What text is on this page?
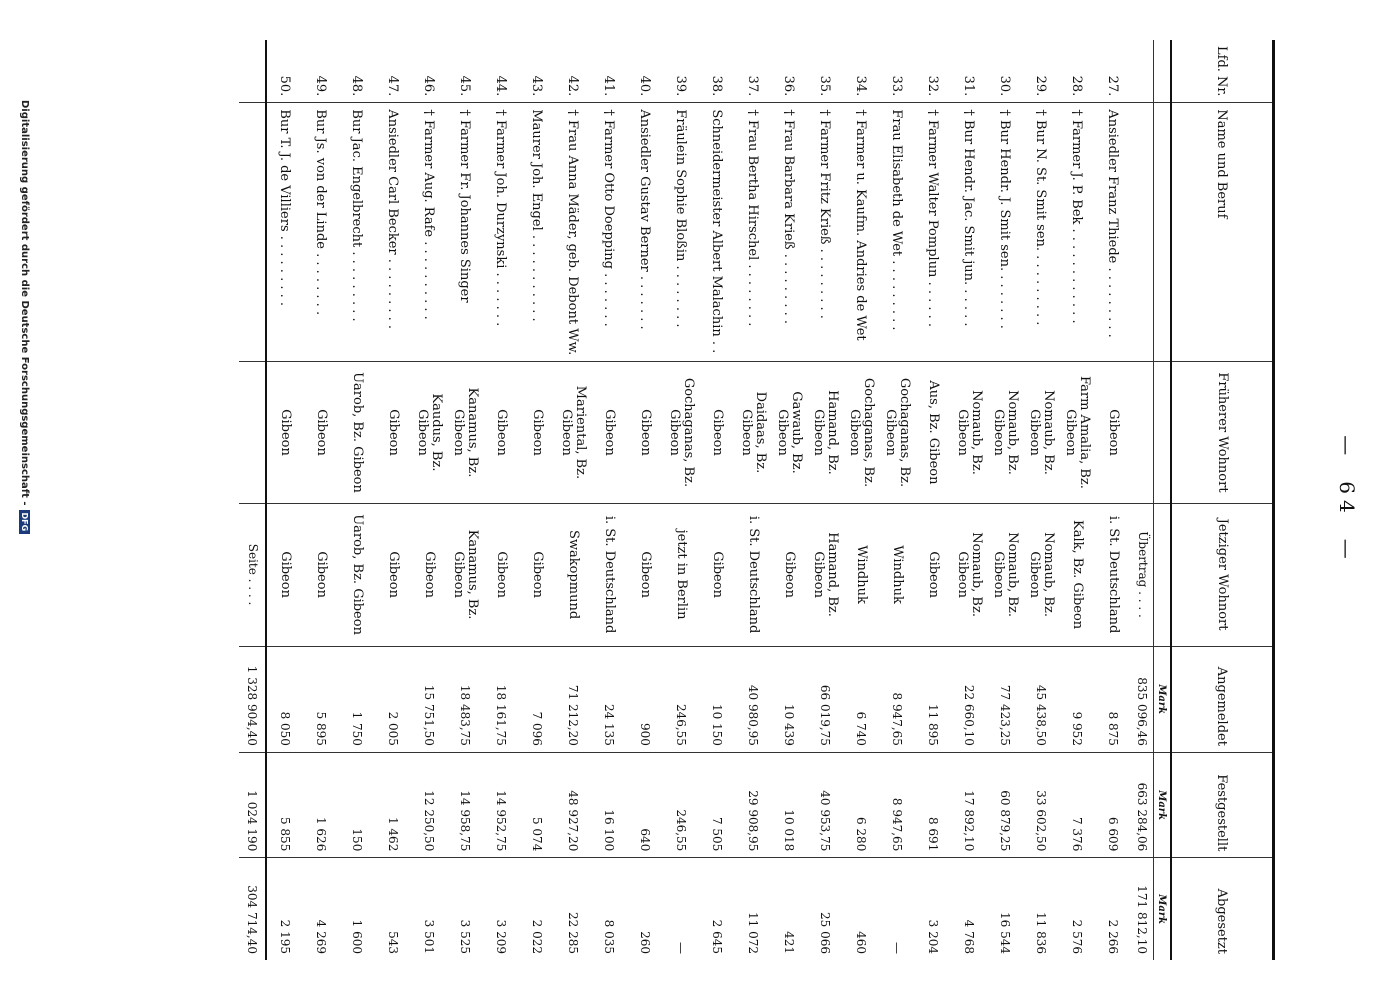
—64—
Lfd. Nr.	Name und Beruf	Früherer Wohnort	Jetziger Wohnort	Angemeldet	Festgestellt	Abgesetzt
				Mark	Mark	Mark
			Übertrag . . . .	835 096,46	663 284,06	171 812,10
27.	Ansiedler Franz Thiede . . . . . . . . .	Gibeon	i. St. Deutschland	8 875	6 609	2 266
28.	† Farmer J. P. Bek . . . . . . . . . . . .	Farm Amalia, Bz. Gibeon	Kalk, Bz. Gibeon	9 952	7 376	2 576
29.	† Bur N. St. Smit sen. . . . . . . . . .	Nomaub, Bz. Gibeon	Nomaub, Bz. Gibeon	45 438,50	33 602,50	11 836
30.	† Bur Hendr. J. Smit sen. . . . . . . .	Nomaub, Bz. Gibeon	Nomaub, Bz. Gibeon	77 423,25	60 879,25	16 544
31.	† Bur Hendr. Jac. Smit jun. . . . . .	Nomaub, Bz. Gibeon	Nomaub, Bz. Gibeon	22 660,10	17 892,10	4 768
32.	† Farmer Walter Pomplun . . . . . .	Aus, Bz. Gibeon	Gibeon	11 895	8 691	3 204
33.	Frau Elisabeth de Wet . . . . . . . . .	Gochaganas, Bz. Gibeon	Windhuk	8 947,65	8 947,65	—
34.	† Farmer u. Kaufm. Andries de Wet	Gochaganas, Bz. Gibeon	Windhuk	6 740	6 280	460
35.	† Farmer Fritz Krieß . . . . . . . . .	Hamand, Bz. Gibeon	Hamand, Bz. Gibeon	66 019,75	40 953,75	25 066
36.	† Frau Barbara Krieß . . . . . . . . .	Gawaub, Bz. Gibeon	Gibeon	10 439	10 018	421
37.	† Frau Bertha Hirschel . . . . . . . .	Daidaas, Bz. Gibeon	i. St. Deutschland	40 980,95	29 908,95	11 072
38.	Schneidermeister Albert Malachin . .	Gibeon	Gibeon	10 150	7 505	2 645
39.	Fräulein Sophie Bloßin . . . . . . . .	Gochaganas, Bz. Gibeon	jetzt in Berlin	246,55	246,55	—
40.	Ansiedler Gustav Berner . . . . . . .	Gibeon	Gibeon	900	640	260
41.	† Farmer Otto Doepping . . . . . . .	Gibeon	i. St. Deutschland	24 135	16 100	8 035
42.	† Frau Anna Mäder, geb. Debont Ww.	Mariental, Bz. Gibeon	Swakopmund	71 212,20	48 927,20	22 285
43.	Maurer Joh. Engel . . . . . . . . . . .	Gibeon	Gibeon	7 096	5 074	2 022
44.	† Farmer Joh. Durzynski . . . . . . .	Gibeon	Gibeon	18 161,75	14 952,75	3 209
45.	† Farmer Fr. Johannes Singer	Kanamus, Bz. Gibeon	Kanamus, Bz. Gibeon	18 483,75	14 958,75	3 525
46.	† Farmer Aug. Rafe . . . . . . . . . .	Kaudus, Bz. Gibeon	Gibeon	15 751,50	12 250,50	3 501
47.	Ansiedler Carl Becker . . . . . . . . .	Gibeon	Gibeon	2 005	1 462	543
48.	Bur Jac. Engelbrecht . . . . . . . . .	Uarob, Bz. Gibeon	Uarob, Bz. Gibeon	1 750	150	1 600
49.	Bur Js. von der Linde . . . . . . . .	Gibeon	Gibeon	5 895	1 626	4 269
50.	Bur T. J. de Villiers . . . . . . . . .	Gibeon	Gibeon	8 050	5 855	2 195
			Seite . . . .	1 328 904,40	1 024 190	304 714,40
Digitalisierung gefördert durch die Deutsche Forschungsgemeinschaft -DFG
